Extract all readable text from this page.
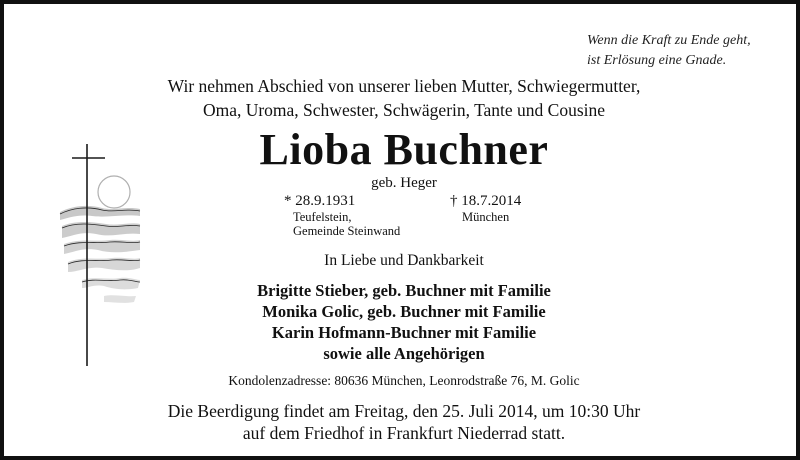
Wenn die Kraft zu Ende geht,
ist Erlösung eine Gnade.
Wir nehmen Abschied von unserer lieben Mutter, Schwiegermutter,
Oma, Uroma, Schwester, Schwägerin, Tante und Cousine
Lioba Buchner
geb. Heger
* 28.9.1931
Teufelstein,
Gemeinde Steinwand
† 18.7.2014
München
In Liebe und Dankbarkeit
Brigitte Stieber, geb. Buchner mit Familie
Monika Golic, geb. Buchner mit Familie
Karin Hofmann-Buchner mit Familie
sowie alle Angehörigen
Kondolenzadresse: 80636 München, Leonrodstraße 76, M. Golic
Die Beerdigung findet am Freitag, den 25. Juli 2014, um 10:30 Uhr
auf dem Friedhof in Frankfurt Niederrad statt.
